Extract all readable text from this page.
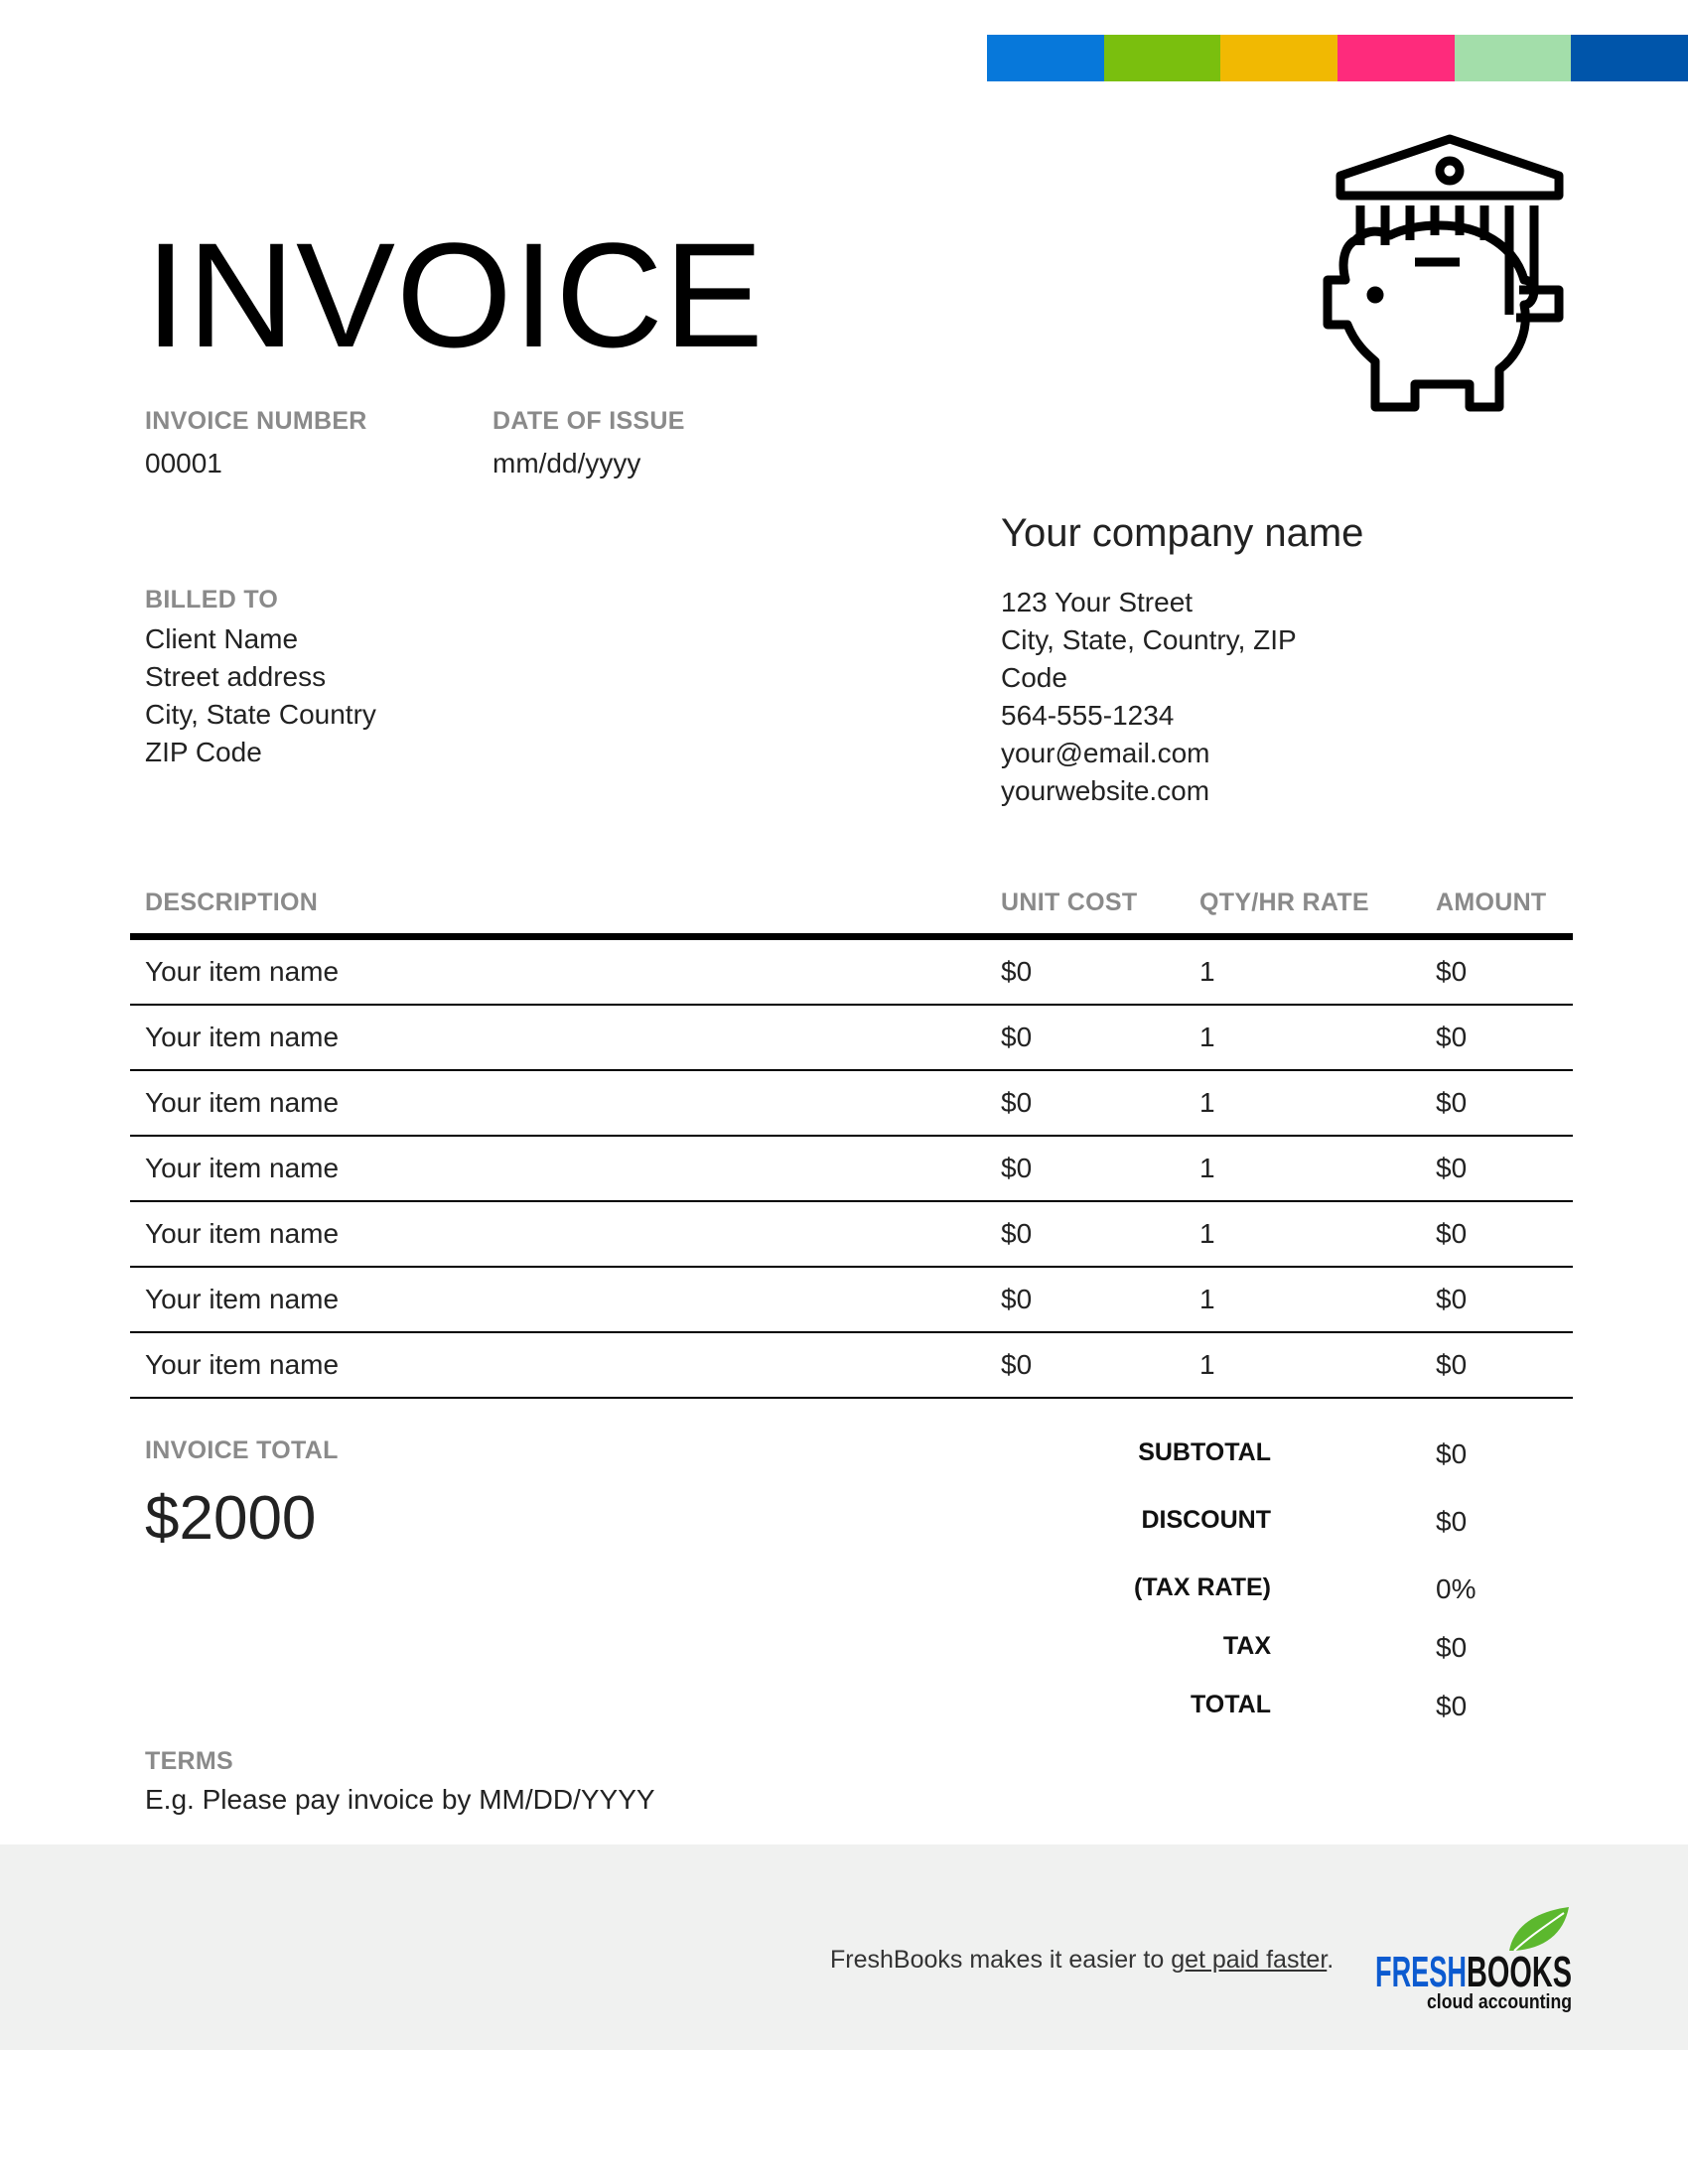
INVOICE
INVOICE NUMBER
00001
DATE OF ISSUE
mm/dd/yyyy
Your company name
123 Your Street
City, State, Country, ZIP
Code
564-555-1234
your@email.com
yourwebsite.com
BILLED TO
Client Name
Street address
City, State Country
ZIP Code
DESCRIPTION	UNIT COST	QTY/HR RATE	AMOUNT
Your item name	$0	1	$0
Your item name	$0	1	$0
Your item name	$0	1	$0
Your item name	$0	1	$0
Your item name	$0	1	$0
Your item name	$0	1	$0
Your item name	$0	1	$0
INVOICE TOTAL
$2000
SUBTOTAL	$0
DISCOUNT	$0
(TAX RATE)	0%
TAX	$0
TOTAL	$0
TERMS
E.g. Please pay invoice by MM/DD/YYYY
FreshBooks makes it easier to get paid faster. FRESH BOOKS
cloud accounting
